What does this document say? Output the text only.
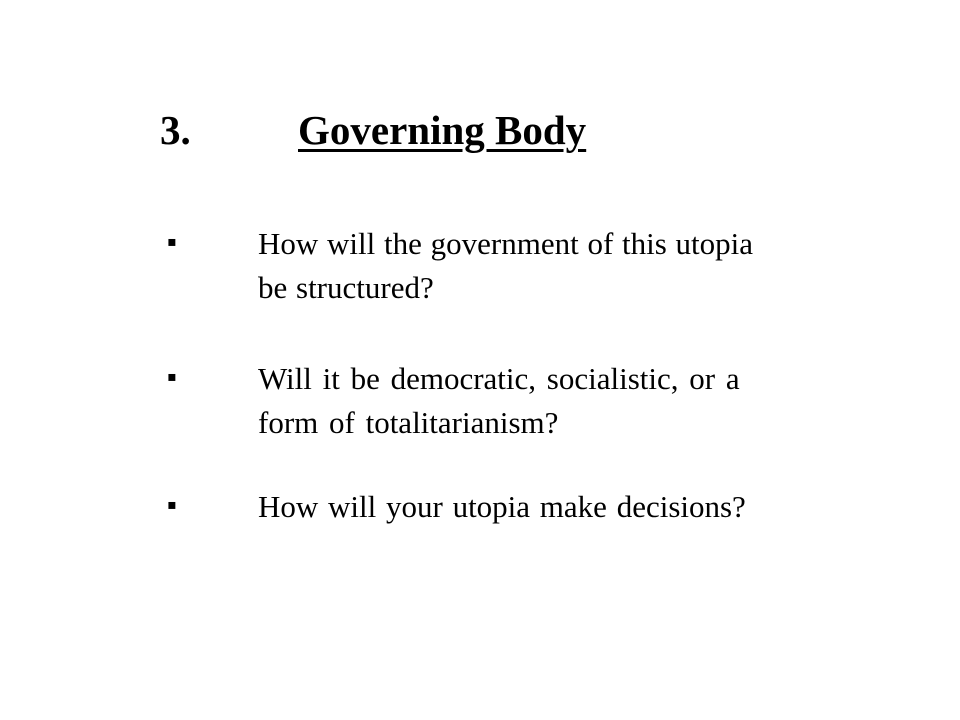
3.	Governing Body
▪	How will the government of this utopia
be structured?
▪	Will it be democratic, socialistic, or a
form of totalitarianism?
▪	How will your utopia make decisions?
